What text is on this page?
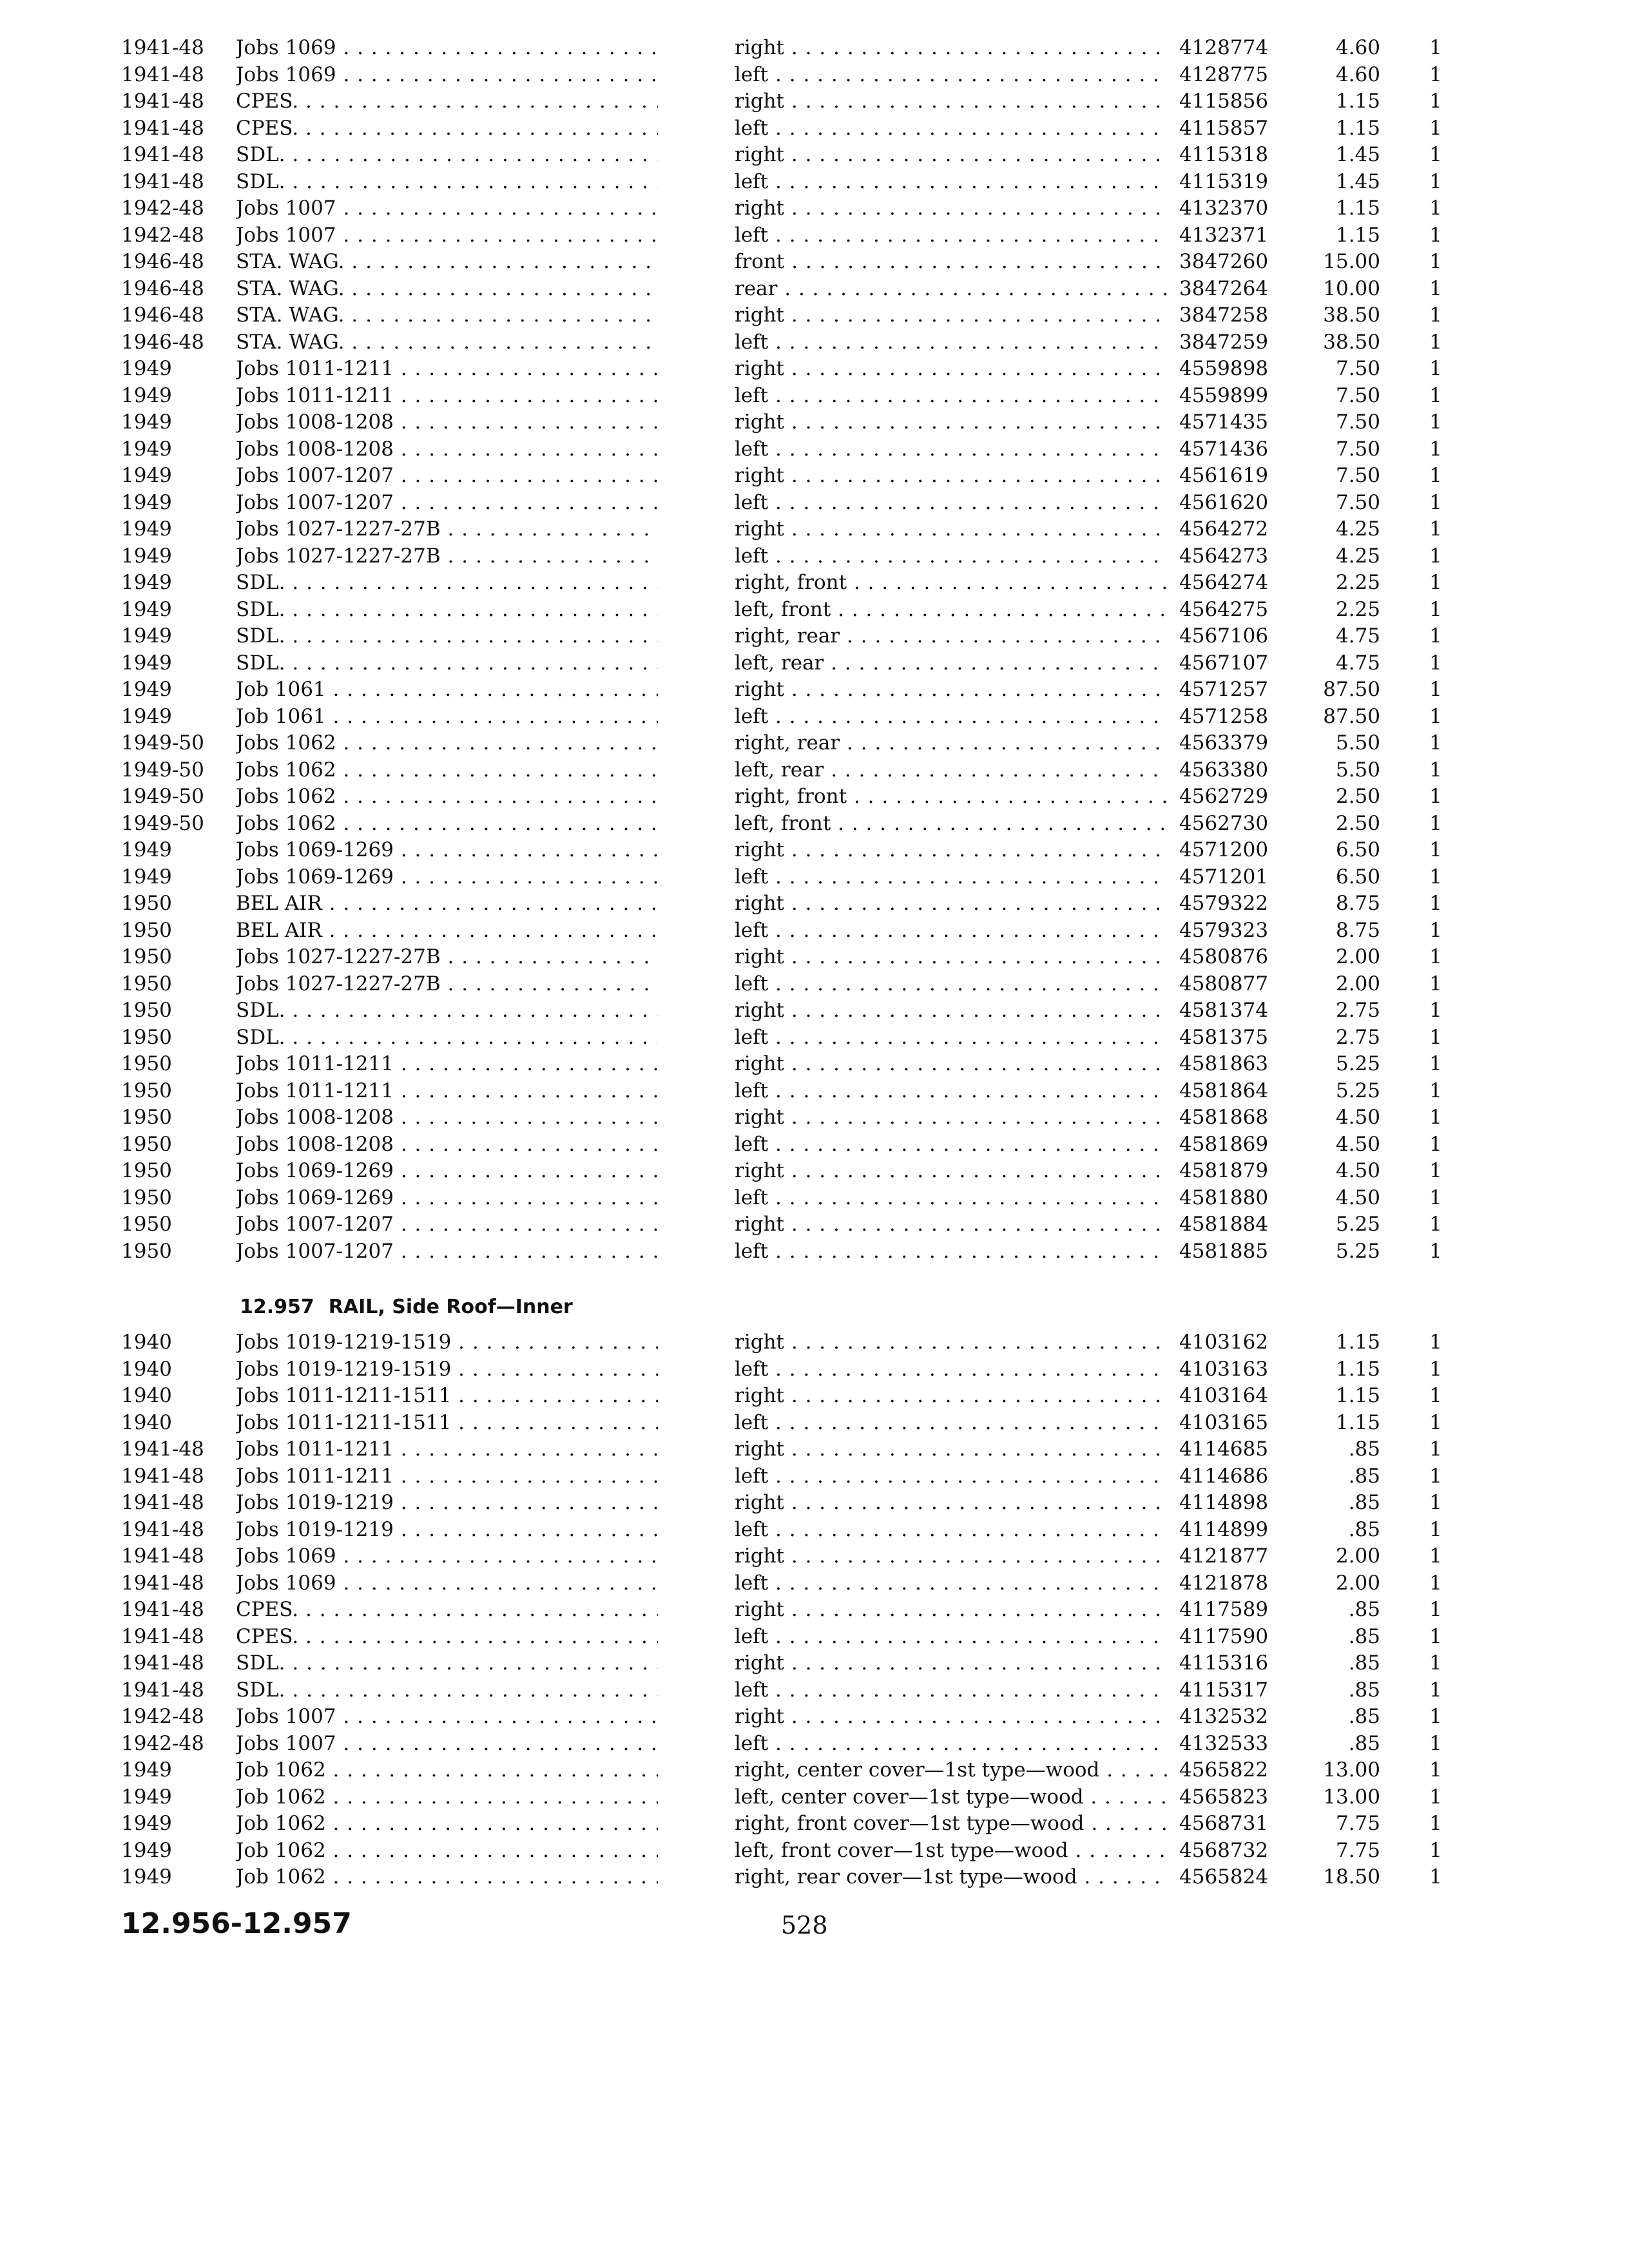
1941-48	Jobs 1069 . . .	right . . .	4128774	4.60	1
1941-48	Jobs 1069 . . .	left . . .	4128775	4.60	1
1941-48	CPES. . . .	right . . .	4115856	1.15	1
1941-48	CPES. . . .	left . . .	4115857	1.15	1
1941-48	SDL. . . .	right . . .	4115318	1.45	1
1941-48	SDL. . . .	left . . .	4115319	1.45	1
1942-48	Jobs 1007 . . .	right . . .	4132370	1.15	1
1942-48	Jobs 1007 . . .	left . . .	4132371	1.15	1
1946-48	STA. WAG. . . .	front . . .	3847260	15.00	1
1946-48	STA. WAG. . . .	rear . . .	3847264	10.00	1
1946-48	STA. WAG. . . .	right . . .	3847258	38.50	1
1946-48	STA. WAG. . . .	left . . .	3847259	38.50	1
1949	Jobs 1011-1211 . . .	right . . .	4559898	7.50	1
1949	Jobs 1011-1211 . . .	left . . .	4559899	7.50	1
1949	Jobs 1008-1208 . . .	right . . .	4571435	7.50	1
1949	Jobs 1008-1208 . . .	left . . .	4571436	7.50	1
1949	Jobs 1007-1207 . . .	right . . .	4561619	7.50	1
1949	Jobs 1007-1207 . . .	left . . .	4561620	7.50	1
1949	Jobs 1027-1227-27B . . .	right . . .	4564272	4.25	1
1949	Jobs 1027-1227-27B . . .	left . . .	4564273	4.25	1
1949	SDL. . . .	right, front . . .	4564274	2.25	1
1949	SDL. . . .	left, front . . .	4564275	2.25	1
1949	SDL. . . .	right, rear . . .	4567106	4.75	1
1949	SDL. . . .	left, rear . . .	4567107	4.75	1
1949	Job 1061 . . .	right . . .	4571257	87.50	1
1949	Job 1061 . . .	left . . .	4571258	87.50	1
1949-50	Jobs 1062 . . .	right, rear . . .	4563379	5.50	1
1949-50	Jobs 1062 . . .	left, rear . . .	4563380	5.50	1
1949-50	Jobs 1062 . . .	right, front . . .	4562729	2.50	1
1949-50	Jobs 1062 . . .	left, front . . .	4562730	2.50	1
1949	Jobs 1069-1269 . . .	right . . .	4571200	6.50	1
1949	Jobs 1069-1269 . . .	left . . .	4571201	6.50	1
1950	BEL AIR . . .	right . . .	4579322	8.75	1
1950	BEL AIR . . .	left . . .	4579323	8.75	1
1950	Jobs 1027-1227-27B . . .	right . . .	4580876	2.00	1
1950	Jobs 1027-1227-27B . . .	left . . .	4580877	2.00	1
1950	SDL. . . .	right . . .	4581374	2.75	1
1950	SDL. . . .	left . . .	4581375	2.75	1
1950	Jobs 1011-1211 . . .	right . . .	4581863	5.25	1
1950	Jobs 1011-1211 . . .	left . . .	4581864	5.25	1
1950	Jobs 1008-1208 . . .	right . . .	4581868	4.50	1
1950	Jobs 1008-1208 . . .	left . . .	4581869	4.50	1
1950	Jobs 1069-1269 . . .	right . . .	4581879	4.50	1
1950	Jobs 1069-1269 . . .	left . . .	4581880	4.50	1
1950	Jobs 1007-1207 . . .	right . . .	4581884	5.25	1
1950	Jobs 1007-1207 . . .	left . . .	4581885	5.25	1
12.957 RAIL, Side Roof—Inner
1940	Jobs 1019-1219-1519 . . .	right . . .	4103162	1.15	1
1940	Jobs 1019-1219-1519 . . .	left . . .	4103163	1.15	1
1940	Jobs 1011-1211-1511 . . .	right . . .	4103164	1.15	1
1940	Jobs 1011-1211-1511 . . .	left . . .	4103165	1.15	1
1941-48	Jobs 1011-1211 . . .	right . . .	4114685	.85	1
1941-48	Jobs 1011-1211 . . .	left . . .	4114686	.85	1
1941-48	Jobs 1019-1219 . . .	right . . .	4114898	.85	1
1941-48	Jobs 1019-1219 . . .	left . . .	4114899	.85	1
1941-48	Jobs 1069 . . .	right . . .	4121877	2.00	1
1941-48	Jobs 1069 . . .	left . . .	4121878	2.00	1
1941-48	CPES. . . .	right . . .	4117589	.85	1
1941-48	CPES. . . .	left . . .	4117590	.85	1
1941-48	SDL. . . .	right . . .	4115316	.85	1
1941-48	SDL. . . .	left . . .	4115317	.85	1
1942-48	Jobs 1007 . . .	right . . .	4132532	.85	1
1942-48	Jobs 1007 . . .	left . . .	4132533	.85	1
1949	Job 1062 . . .	right, center cover—1st type—wood . . .	4565822	13.00	1
1949	Job 1062 . . .	left, center cover—1st type—wood . . .	4565823	13.00	1
1949	Job 1062 . . .	right, front cover—1st type—wood . . .	4568731	7.75	1
1949	Job 1062 . . .	left, front cover—1st type—wood . . .	4568732	7.75	1
1949	Job 1062 . . .	right, rear cover—1st type—wood . . .	4565824	18.50	1
12.956-12.957	528
